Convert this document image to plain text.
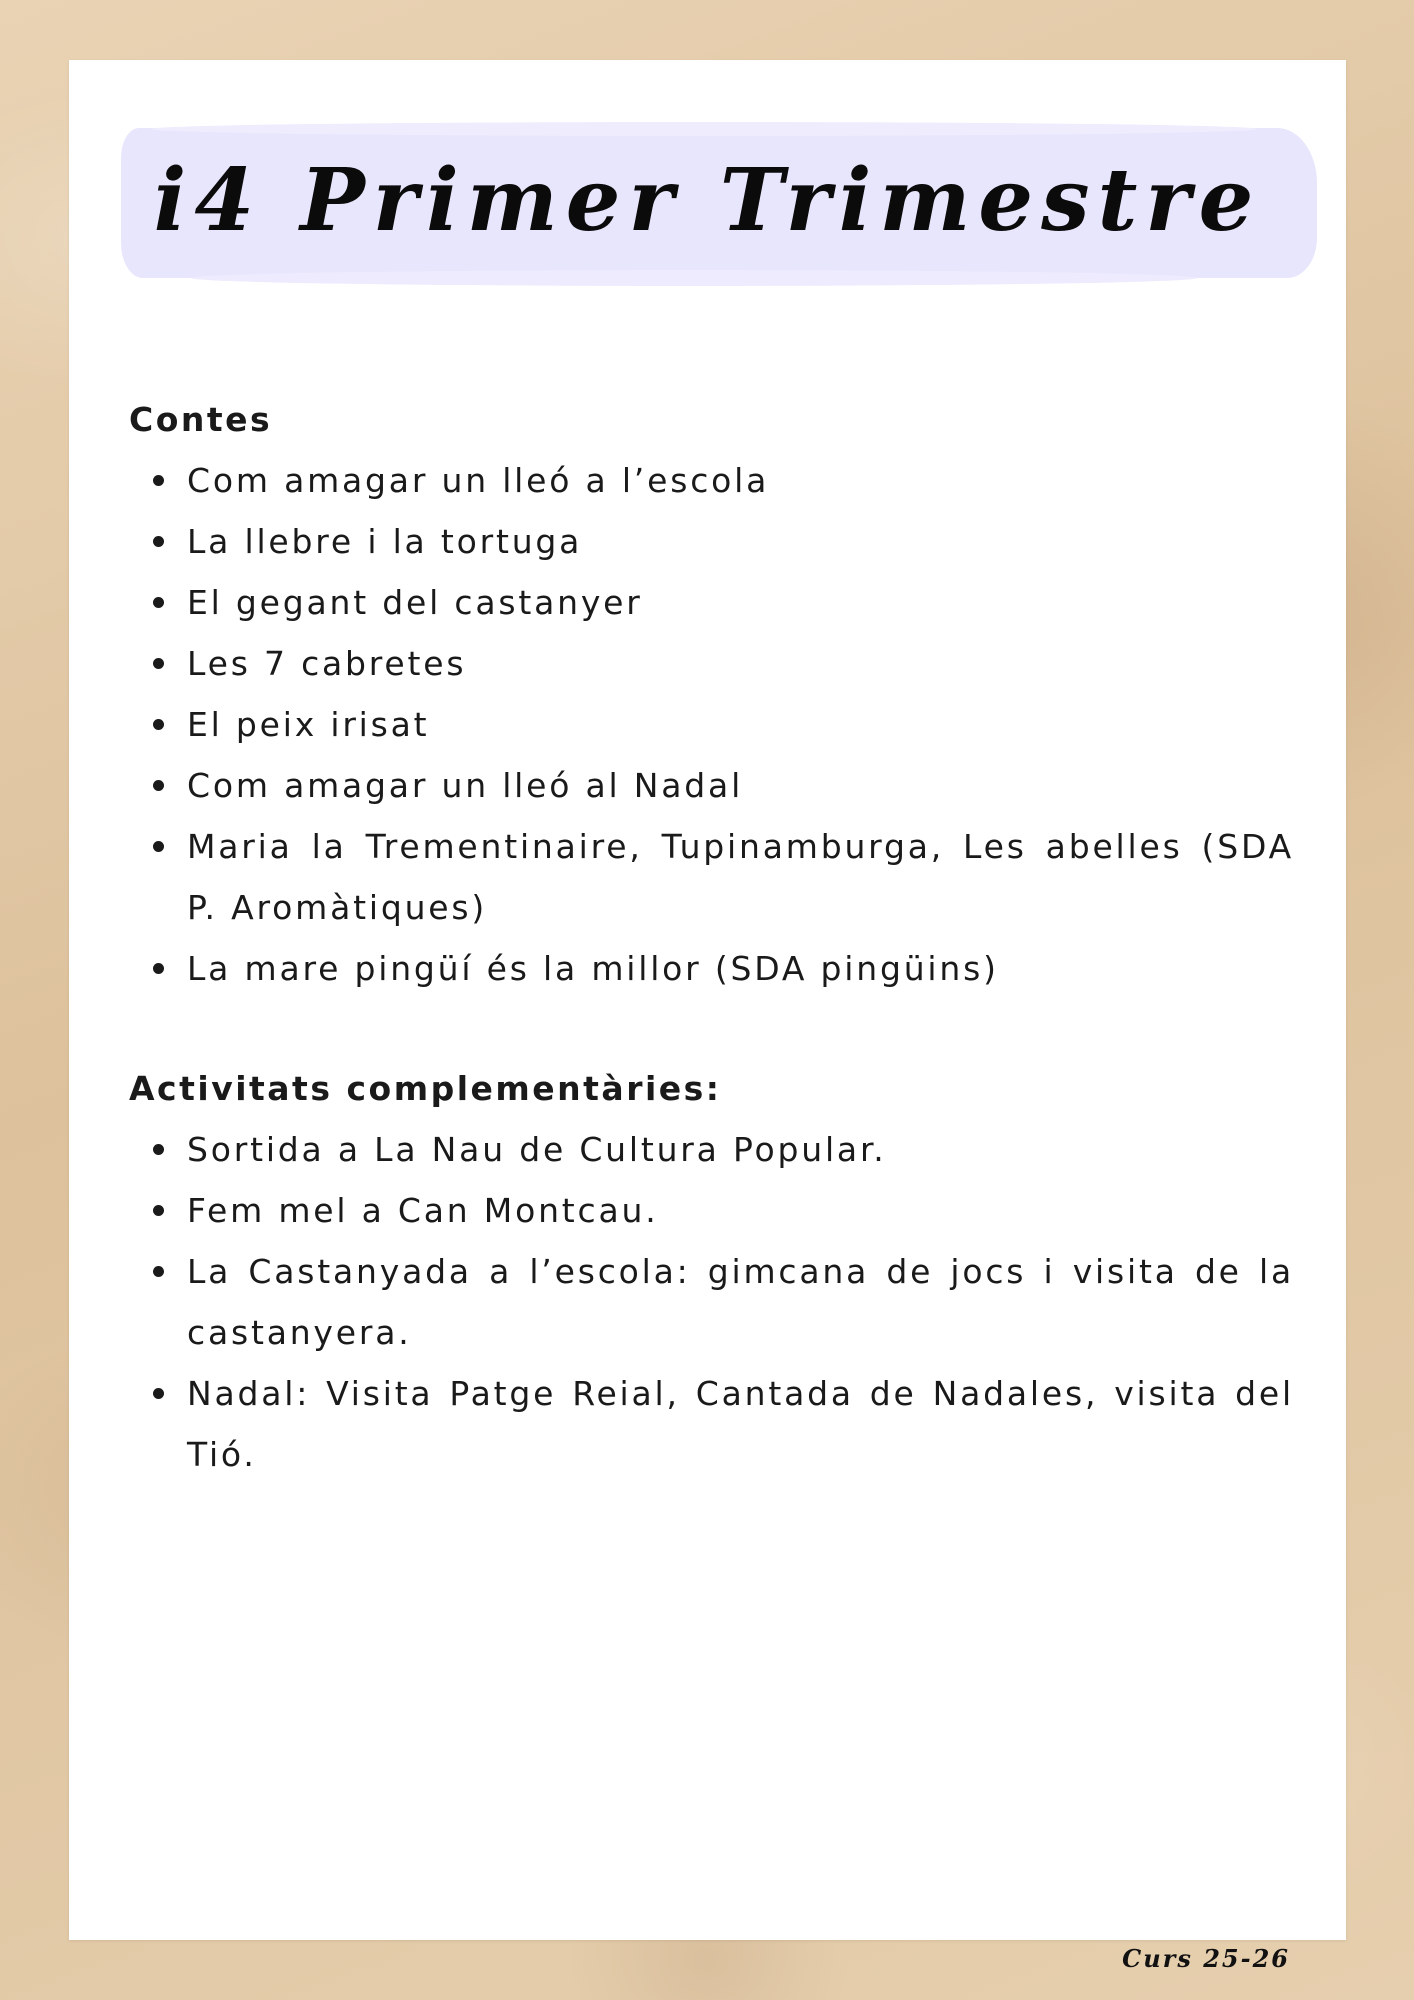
i4 Primer Trimestre
Contes
Com amagar un lleó a l’escola
La llebre i la tortuga
El gegant del castanyer
Les 7 cabretes
El peix irisat
Com amagar un lleó al Nadal
Maria la Trementinaire, Tupinamburga, Les abelles (SDA P. Aromàtiques)
La mare pingüí és la millor (SDA pingüins)
Activitats complementàries:
Sortida a La Nau de Cultura Popular.
Fem mel a Can Montcau.
La Castanyada a l’escola: gimcana de jocs i visita de la castanyera.
Nadal: Visita Patge Reial, Cantada de Nadales, visita del Tió.
Curs 25-26
